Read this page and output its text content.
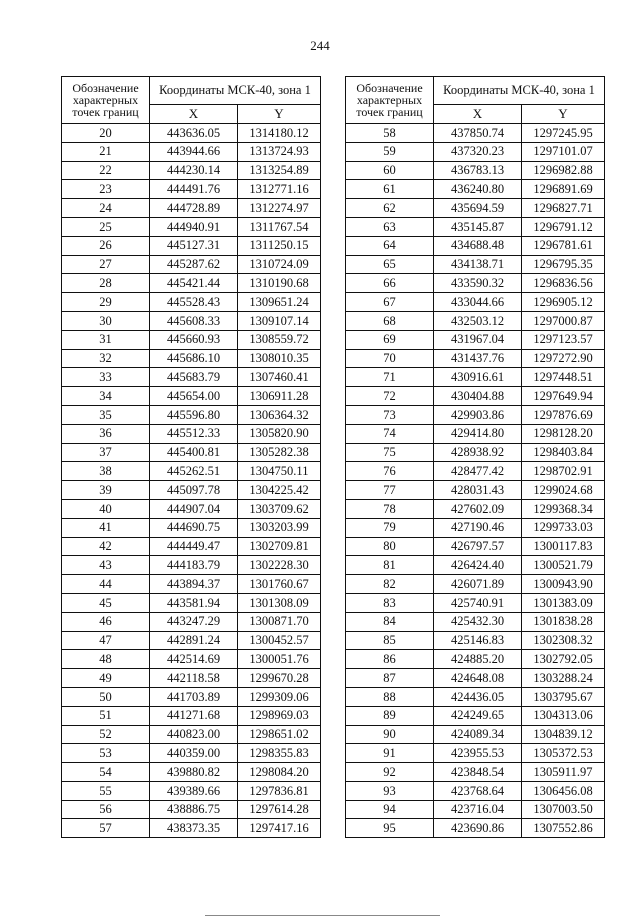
244
Обозначение характерных точек границ	Координаты МСК-40, зона 1	
	X	Y
20	443636.05	1314180.12
21	443944.66	1313724.93
22	444230.14	1313254.89
23	444491.76	1312771.16
24	444728.89	1312274.97
25	444940.91	1311767.54
26	445127.31	1311250.15
27	445287.62	1310724.09
28	445421.44	1310190.68
29	445528.43	1309651.24
30	445608.33	1309107.14
31	445660.93	1308559.72
32	445686.10	1308010.35
33	445683.79	1307460.41
34	445654.00	1306911.28
35	445596.80	1306364.32
36	445512.33	1305820.90
37	445400.81	1305282.38
38	445262.51	1304750.11
39	445097.78	1304225.42
40	444907.04	1303709.62
41	444690.75	1303203.99
42	444449.47	1302709.81
43	444183.79	1302228.30
44	443894.37	1301760.67
45	443581.94	1301308.09
46	443247.29	1300871.70
47	442891.24	1300452.57
48	442514.69	1300051.76
49	442118.58	1299670.28
50	441703.89	1299309.06
51	441271.68	1298969.03
52	440823.00	1298651.02
53	440359.00	1298355.83
54	439880.82	1298084.20
55	439389.66	1297836.81
56	438886.75	1297614.28
57	438373.35	1297417.16
Обозначение характерных точек границ	Координаты МСК-40, зона 1	
	X	Y
58	437850.74	1297245.95
59	437320.23	1297101.07
60	436783.13	1296982.88
61	436240.80	1296891.69
62	435694.59	1296827.71
63	435145.87	1296791.12
64	434688.48	1296781.61
65	434138.71	1296795.35
66	433590.32	1296836.56
67	433044.66	1296905.12
68	432503.12	1297000.87
69	431967.04	1297123.57
70	431437.76	1297272.90
71	430916.61	1297448.51
72	430404.88	1297649.94
73	429903.86	1297876.69
74	429414.80	1298128.20
75	428938.92	1298403.84
76	428477.42	1298702.91
77	428031.43	1299024.68
78	427602.09	1299368.34
79	427190.46	1299733.03
80	426797.57	1300117.83
81	426424.40	1300521.79
82	426071.89	1300943.90
83	425740.91	1301383.09
84	425432.30	1301838.28
85	425146.83	1302308.32
86	424885.20	1302792.05
87	424648.08	1303288.24
88	424436.05	1303795.67
89	424249.65	1304313.06
90	424089.34	1304839.12
91	423955.53	1305372.53
92	423848.54	1305911.97
93	423768.64	1306456.08
94	423716.04	1307003.50
95	423690.86	1307552.86
